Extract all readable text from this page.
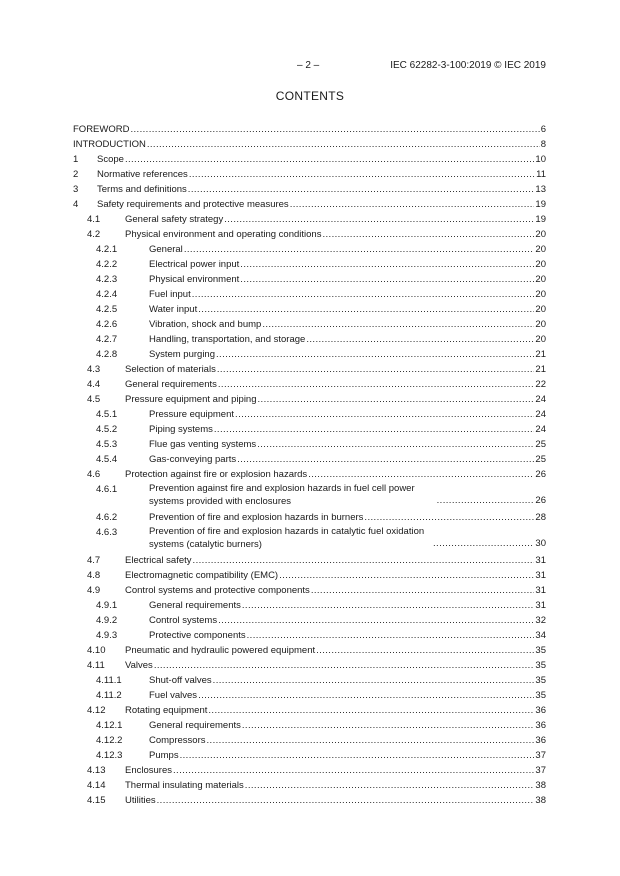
– 2 –	IEC 62282-3-100:2019 © IEC 2019
CONTENTS
FOREWORD .....	6
INTRODUCTION .....	8
1 Scope .....	10
2 Normative references .....	11
3 Terms and definitions .....	13
4 Safety requirements and protective measures .....	19
4.1	General safety strategy .....	19
4.2	Physical environment and operating conditions .....	20
4.2.1	General .....	20
4.2.2	Electrical power input .....	20
4.2.3	Physical environment .....	20
4.2.4	Fuel input .....	20
4.2.5	Water input .....	20
4.2.6	Vibration, shock and bump .....	20
4.2.7	Handling, transportation, and storage .....	20
4.2.8	System purging .....	21
4.3	Selection of materials .....	21
4.4	General requirements .....	22
4.5	Pressure equipment and piping .....	24
4.5.1	Pressure equipment .....	24
4.5.2	Piping systems .....	24
4.5.3	Flue gas venting systems .....	25
4.5.4	Gas-conveying parts .....	25
4.6	Protection against fire or explosion hazards .....	26
4.6.1	Prevention against fire and explosion hazards in fuel cell power systems provided with enclosures .....	26
4.6.2	Prevention of fire and explosion hazards in burners .....	28
4.6.3	Prevention of fire and explosion hazards in catalytic fuel oxidation systems (catalytic burners) .....	30
4.7	Electrical safety .....	31
4.8	Electromagnetic compatibility (EMC) .....	31
4.9	Control systems and protective components .....	31
4.9.1	General requirements .....	31
4.9.2	Control systems .....	32
4.9.3	Protective components .....	34
4.10 Pneumatic and hydraulic powered equipment .....	35
4.11 Valves .....	35
4.11.1	Shut-off valves .....	35
4.11.2	Fuel valves .....	35
4.12 Rotating equipment .....	36
4.12.1	General requirements .....	36
4.12.2	Compressors .....	36
4.12.3	Pumps .....	37
4.13 Enclosures .....	37
4.14 Thermal insulating materials .....	38
4.15 Utilities .....	38
